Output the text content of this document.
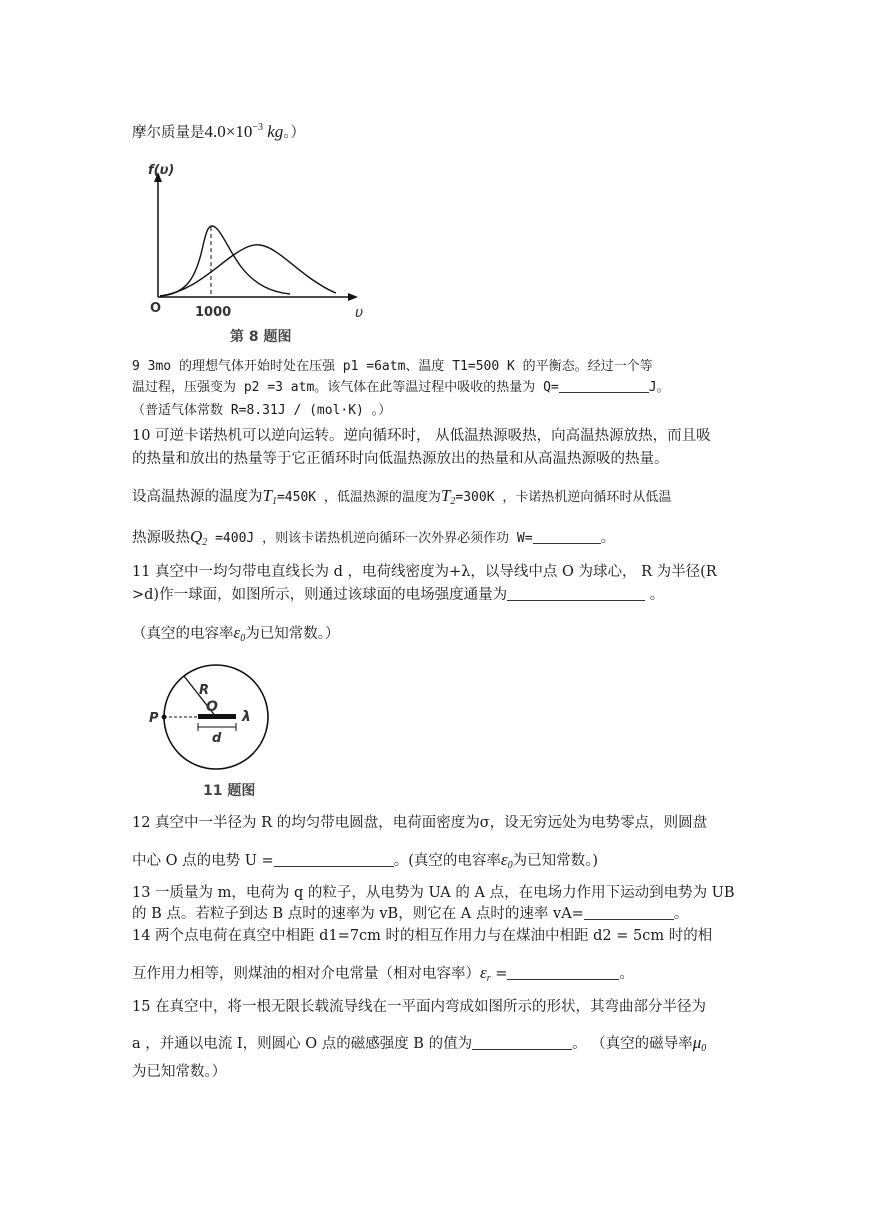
摩尔质量是$4.0\times 10^{-3}$ kg。）
f(υ)
O	1000	υ
第 8 题图
9 3mo 的理想气体开始时处在压强 p1 =6atm、温度 T1=500 K 的平衡态。经过一个等
温过程，压强变为 p2 =3 atm。该气体在此等温过程中吸收的热量为 Q=	J。
（普适气体常数 R=8.31J / (mol·K) 。）
10 可逆卡诺热机可以逆向运转。逆向循环时， 从低温热源吸热，向高温热源放热，而且吸
的热量和放出的热量等于它正循环时向低温热源放出的热量和从高温热源吸的热量。
设高温热源的温度为$T_1=450K$ ，低温热源的温度为$T_2=300K$ ，卡诺热机逆向循环时从低温
热源吸热$Q_2 =400J$ ，则该卡诺热机逆向循环一次外界必须作功 W=	。
11 真空中一均匀带电直线长为 d ，电荷线密度为+λ，以导线中点 O 为球心， R 为半径(R
>d)作一球面，如图所示，则通过该球面的电场强度通量为	。
（真空的电容率$\varepsilon_0$为已知常数。）
R
O
λ
P
d
11 题图
12 真空中一半径为 R 的均匀带电圆盘，电荷面密度为σ，设无穷远处为电势零点，则圆盘
中心 O 点的电势 U =	。(真空的电容率$\varepsilon_0$为已知常数。)
13 一质量为 m，电荷为 q 的粒子，从电势为 UA 的 A 点，在电场力作用下运动到电势为 UB
的 B 点。若粒子到达 B 点时的速率为 vB，则它在 A 点时的速率 vA=	。
14 两个点电荷在真空中相距 d1=7cm 时的相互作用力与在煤油中相距 d2 = 5cm 时的相
互作用力相等，则煤油的相对介电常量（相对电容率）$\varepsilon_r$ =	。
15 在真空中，将一根无限长载流导线在一平面内弯成如图所示的形状，其弯曲部分半径为
a ，并通以电流 I，则圆心 O 点的磁感强度 B 的值为	。 （真空的磁导率$\mu_0$
为已知常数。）
